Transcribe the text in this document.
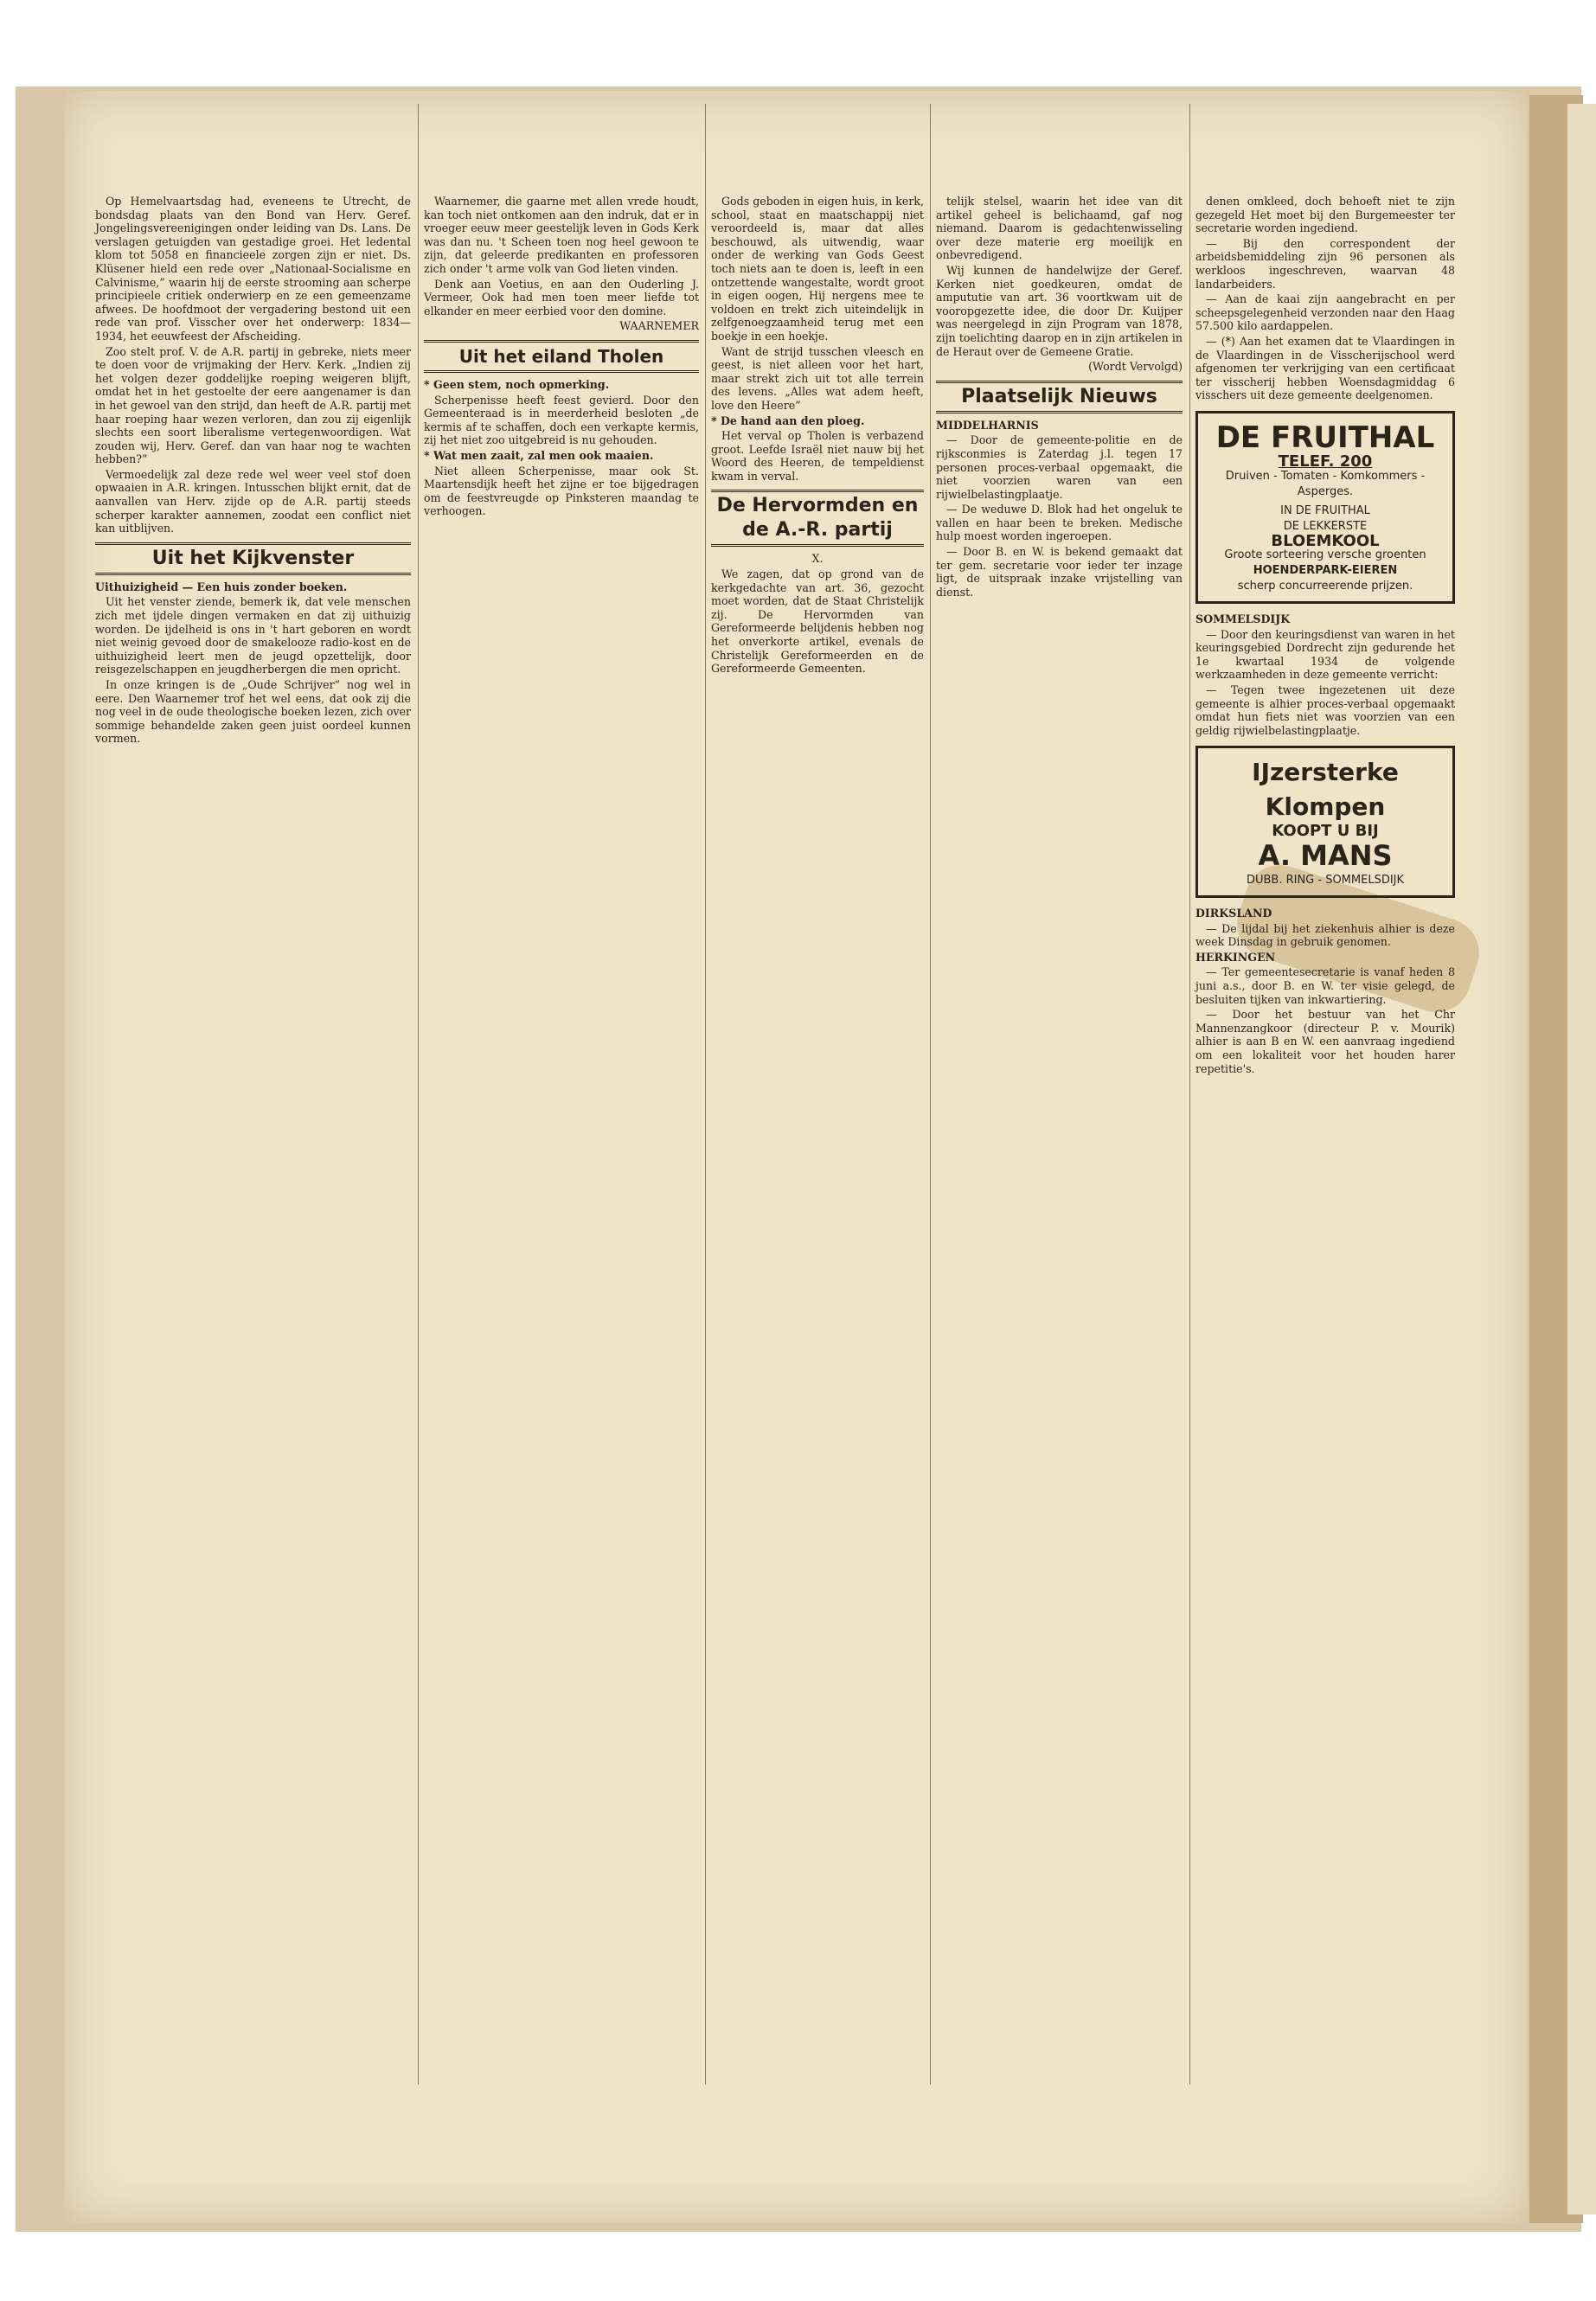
Op Hemelvaartsdag had, eveneens te Utrecht, de bondsdag plaats van den Bond van Herv. Geref. Jongelingsvereenigingen onder leiding van Ds. Lans. De verslagen getuigden van gestadige groei. Het ledental klom tot 5058 en financieele zorgen zijn er niet. Ds. Klüsener hield een rede over „Nationaal-Socialisme en Calvinisme,” waarin hij de eerste strooming aan scherpe principieele critiek onderwierp en ze een gemeenzame afwees. De hoofdmoot der vergadering bestond uit een rede van prof. Visscher over het onderwerp: 1834—1934, het eeuwfeest der Afscheiding.

Zoo stelt prof. V. de A.R. partij in gebreke, niets meer te doen voor de vrijmaking der Herv. Kerk. „Indien zij het volgen dezer goddelijke roeping weigeren blijft, omdat het in het gestoelte der eere aangenamer is dan in het gewoel van den strijd, dan heeft de A.R. partij met haar roeping haar wezen verloren, dan zou zij eigenlijk slechts een soort liberalisme vertegenwoordigen. Wat zouden wij, Herv. Geref. dan van haar nog te wachten hebben?”

Vermoedelijk zal deze rede wel weer veel stof doen opwaaien in A.R. kringen. Intusschen blijkt ernit, dat de aanvallen van Herv. zijde op de A.R. partij steeds scherper karakter aannemen, zoodat een conflict niet kan uitblijven.

Uit het Kijkvenster

Uithuizigheid — Een huis zonder boeken.

Uit het venster ziende, bemerk ik, dat vele menschen zich met ijdele dingen vermaken en dat zij uithuizig worden. De ijdelheid is ons in 't hart geboren en wordt niet weinig gevoed door de smakelooze radio-kost en de uithuizigheid leert men de jeugd opzettelijk, door reisgezelschappen en jeugdherbergen die men opricht.

In onze kringen is de „Oude Schrijver” nog wel in eere. Den Waarnemer trof het wel eens, dat ook zij die nog veel in de oude theologische boeken lezen, zich over sommige behandelde zaken geen juist oordeel kunnen vormen.

Waarnemer, die gaarne met allen vrede houdt, kan toch niet ontkomen aan den indruk, dat er in vroeger eeuw meer geestelijk leven in Gods Kerk was dan nu. 't Scheen toen nog heel gewoon te zijn, dat geleerde predikanten en professoren zich onder 't arme volk van God lieten vinden.

Denk aan Voetius, en aan den Ouderling J. Vermeer, Ook had men toen meer liefde tot elkander en meer eerbied voor den domine.

WAARNEMER

Uit het eiland Tholen

* Geen stem, noch opmerking.

Scherpenisse heeft feest gevierd. Door den Gemeenteraad is in meerderheid besloten „de kermis af te schaffen, doch een verkapte kermis, zij het niet zoo uitgebreid is nu gehouden.

* Wat men zaait, zal men ook maaien.

Niet alleen Scherpenisse, maar ook St. Maartensdijk heeft het zijne er toe bijgedragen om de feestvreugde op Pinksteren maandag te verhoogen.

Gods geboden in eigen huis, in kerk, school, staat en maatschappij niet veroordeeld is, maar dat alles beschouwd, als uitwendig, waar onder de werking van Gods Geest toch niets aan te doen is, leeft in een ontzettende wangestalte, wordt groot in eigen oogen, Hij nergens mee te voldoen en trekt zich uiteindelijk in zelfgenoegzaamheid terug met een boekje in een hoekje.

Want de strijd tusschen vleesch en geest, is niet alleen voor het hart, maar strekt zich uit tot alle terrein des levens. „Alles wat adem heeft, love den Heere”

* De hand aan den ploeg.

Het verval op Tholen is verbazend groot. Leefde Israël niet nauw bij het Woord des Heeren, de tempeldienst kwam in verval.

De Hervormden en de A.-R. partij

X.

We zagen, dat op grond van de kerkgedachte van art. 36, gezocht moet worden, dat de Staat Christelijk zij. De Hervormden van Gereformeerde belijdenis hebben nog het onverkorte artikel, evenals de Christelijk Gereformeerden en de Gereformeerde Gemeenten.

telijk stelsel, waarin het idee van dit artikel geheel is belichaamd, gaf nog niemand. Daarom is gedachtenwisseling over deze materie erg moeilijk en onbevredigend.

Wij kunnen de handelwijze der Geref. Kerken niet goedkeuren, omdat de ampututie van art. 36 voortkwam uit de vooropgezette idee, die door Dr. Kuijper was neergelegd in zijn Program van 1878, zijn toelichting daarop en in zijn artikelen in de Heraut over de Gemeene Gratie.

(Wordt Vervolgd)

Plaatselijk Nieuws

MIDDELHARNIS

— Door de gemeente-politie en de rijksconmies is Zaterdag j.l. tegen 17 personen proces-verbaal opgemaakt, die niet voorzien waren van een rijwielbelastingplaatje.

— De weduwe D. Blok had het ongeluk te vallen en haar been te breken. Medische hulp moest worden ingeroepen.

— Door B. en W. is bekend gemaakt dat ter gem. secretarie voor ieder ter inzage ligt, de uitspraak inzake vrijstelling van dienst.

denen omkleed, doch behoeft niet te zijn gezegeld Het moet bij den Burgemeester ter secretarie worden ingediend.

— Bij den correspondent der arbeidsbemiddeling zijn 96 personen als werkloos ingeschreven, waarvan 48 landarbeiders.

— Aan de kaai zijn aangebracht en per scheepsgelegenheid verzonden naar den Haag 57.500 kilo aardappelen.

— (*) Aan het examen dat te Vlaardingen in de Vlaardingen in de Visscherijschool werd afgenomen ter verkrijging van een certificaat ter visscherij hebben Woensdagmiddag 6 visschers uit deze gemeente deelgenomen.

DE FRUITHAL
TELEF. 200
Druiven - Tomaten - Komkommers - Asperges.
IN DE FRUITHAL
DE LEKKERSTE
BLOEMKOOL
Groote sorteering versche groenten
HOENDERPARK-EIEREN
scherp concurreerende prijzen.

SOMMELSDIJK

— Door den keuringsdienst van waren in het keuringsgebied Dordrecht zijn gedurende het 1e kwartaal 1934 de volgende werkzaamheden in deze gemeente verricht:

— Tegen twee ingezetenen uit deze gemeente is alhier proces-verbaal opgemaakt omdat hun fiets niet was voorzien van een geldig rijwielbelastingplaatje.

IJzersterke Klompen
KOOPT U BIJ
A. MANS
DUBB. RING - SOMMELSDIJK

DIRKSLAND

— De lijdal bij het ziekenhuis alhier is deze week Dinsdag in gebruik genomen.

HERKINGEN

— Ter gemeentesecretarie is vanaf heden 8 juni a.s., door B. en W. ter visie gelegd, de besluiten tijken van inkwartiering.

— Door het bestuur van het Chr Mannenzangkoor (directeur P. v. Mourik) alhier is aan B en W. een aanvraag ingediend om een lokaliteit voor het houden harer repetitie's.
